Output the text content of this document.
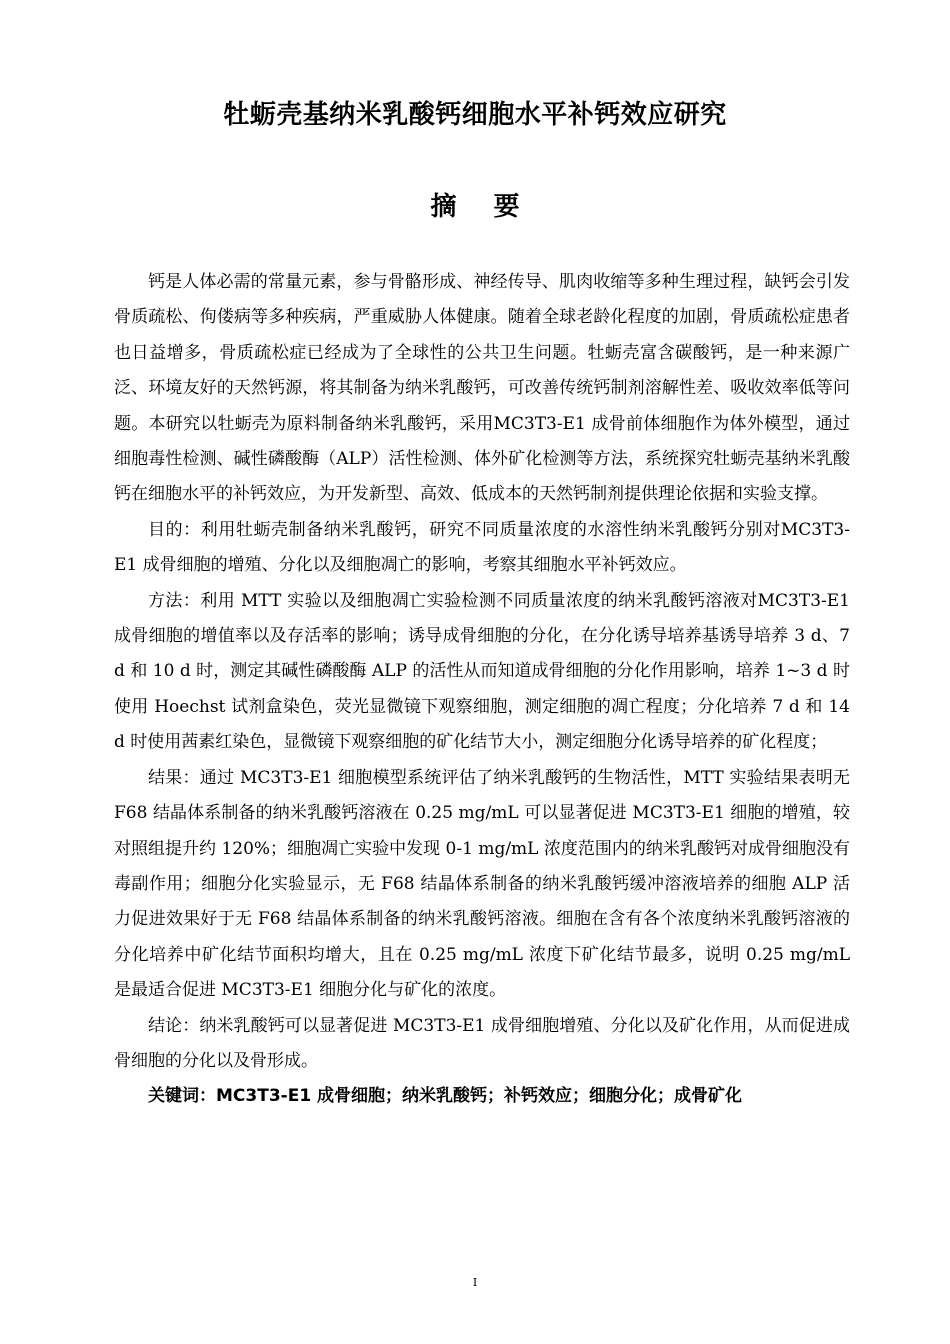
牡蛎壳基纳米乳酸钙细胞水平补钙效应研究
摘 要

钙是人体必需的常量元素，参与骨骼形成、神经传导、肌肉收缩等多种生理过程，缺钙会引发骨质疏松、佝偻病等多种疾病，严重威胁人体健康。随着全球老龄化程度的加剧，骨质疏松症患者也日益增多，骨质疏松症已经成为了全球性的公共卫生问题。牡蛎壳富含碳酸钙，是一种来源广泛、环境友好的天然钙源，将其制备为纳米乳酸钙，可改善传统钙制剂溶解性差、吸收效率低等问题。本研究以牡蛎壳为原料制备纳米乳酸钙，采用MC3T3-E1 成骨前体细胞作为体外模型，通过细胞毒性检测、碱性磷酸酶（ALP）活性检测、体外矿化检测等方法，系统探究牡蛎壳基纳米乳酸钙在细胞水平的补钙效应，为开发新型、高效、低成本的天然钙制剂提供理论依据和实验支撑。

目的：利用牡蛎壳制备纳米乳酸钙，研究不同质量浓度的水溶性纳米乳酸钙分别对MC3T3-E1 成骨细胞的增殖、分化以及细胞凋亡的影响，考察其细胞水平补钙效应。

方法：利用 MTT 实验以及细胞凋亡实验检测不同质量浓度的纳米乳酸钙溶液对MC3T3-E1 成骨细胞的增值率以及存活率的影响；诱导成骨细胞的分化，在分化诱导培养基诱导培养 3 d、7 d 和 10 d 时，测定其碱性磷酸酶 ALP 的活性从而知道成骨细胞的分化作用影响，培养 1~3 d 时使用 Hoechst 试剂盒染色，荧光显微镜下观察细胞，测定细胞的凋亡程度；分化培养 7 d 和 14 d 时使用茜素红染色，显微镜下观察细胞的矿化结节大小，测定细胞分化诱导培养的矿化程度；

结果：通过 MC3T3-E1 细胞模型系统评估了纳米乳酸钙的生物活性，MTT 实验结果表明无 F68 结晶体系制备的纳米乳酸钙溶液在 0.25 mg/mL 可以显著促进 MC3T3-E1 细胞的增殖，较对照组提升约 120%；细胞凋亡实验中发现 0-1 mg/mL 浓度范围内的纳米乳酸钙对成骨细胞没有毒副作用；细胞分化实验显示，无 F68 结晶体系制备的纳米乳酸钙缓冲溶液培养的细胞 ALP 活力促进效果好于无 F68 结晶体系制备的纳米乳酸钙溶液。细胞在含有各个浓度纳米乳酸钙溶液的分化培养中矿化结节面积均增大，且在 0.25 mg/mL 浓度下矿化结节最多，说明 0.25 mg/mL 是最适合促进 MC3T3-E1 细胞分化与矿化的浓度。

结论：纳米乳酸钙可以显著促进 MC3T3-E1 成骨细胞增殖、分化以及矿化作用，从而促进成骨细胞的分化以及骨形成。

关键词：MC3T3-E1 成骨细胞；纳米乳酸钙；补钙效应；细胞分化；成骨矿化

I
